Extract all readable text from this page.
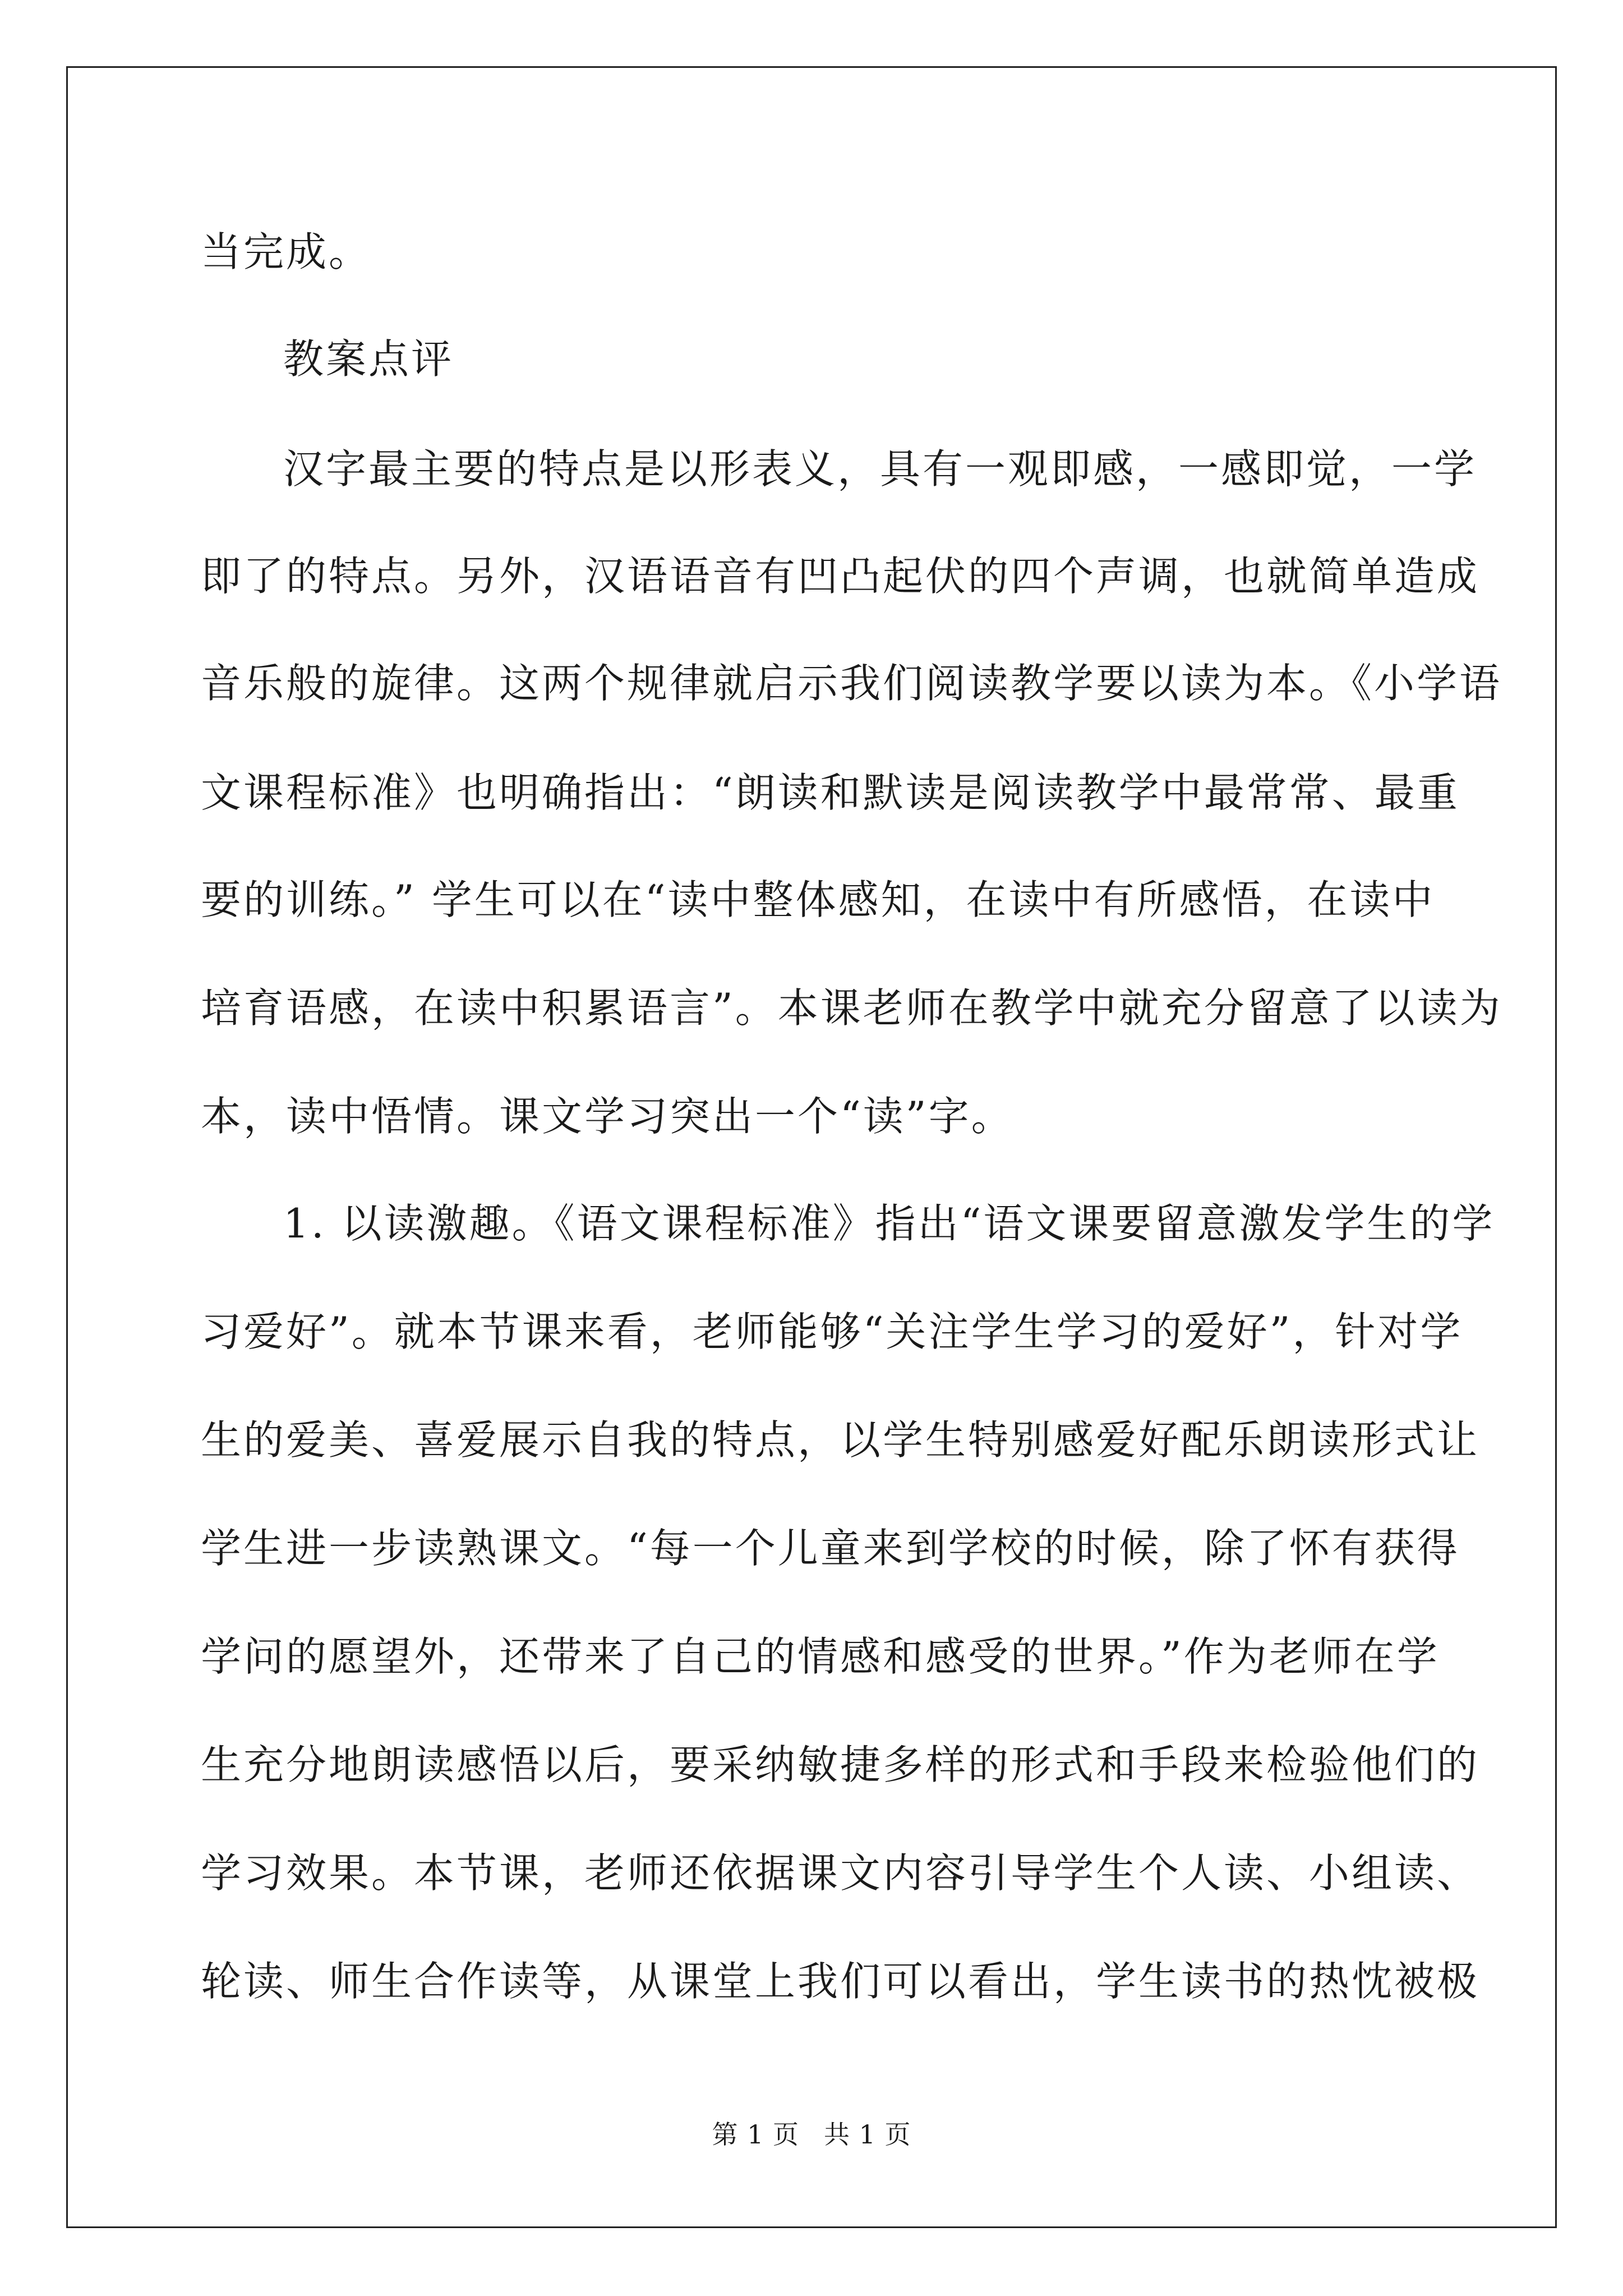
当完成。
教案点评
汉字最主要的特点是以形表义，具有一观即感，一感即觉，一学
即了的特点。另外，汉语语音有凹凸起伏的四个声调，也就简单造成
音乐般的旋律。这两个规律就启示我们阅读教学要以读为本。《小学语
文课程标准》也明确指出：“朗读和默读是阅读教学中最常常、最重
要的训练。” 学生可以在“读中整体感知，在读中有所感悟，在读中
培育语感，在读中积累语言”。本课老师在教学中就充分留意了以读为
本，读中悟情。课文学习突出一个“读”字。
1. 以读激趣。《语文课程标准》指出“语文课要留意激发学生的学
习爱好”。就本节课来看，老师能够“关注学生学习的爱好”，针对学
生的爱美、喜爱展示自我的特点，以学生特别感爱好配乐朗读形式让
学生进一步读熟课文。“每一个儿童来到学校的时候，除了怀有获得
学问的愿望外，还带来了自己的情感和感受的世界。”作为老师在学
生充分地朗读感悟以后，要采纳敏捷多样的形式和手段来检验他们的
学习效果。本节课，老师还依据课文内容引导学生个人读、小组读、
轮读、师生合作读等，从课堂上我们可以看出，学生读书的热忱被极
第 1 页 共 1 页
